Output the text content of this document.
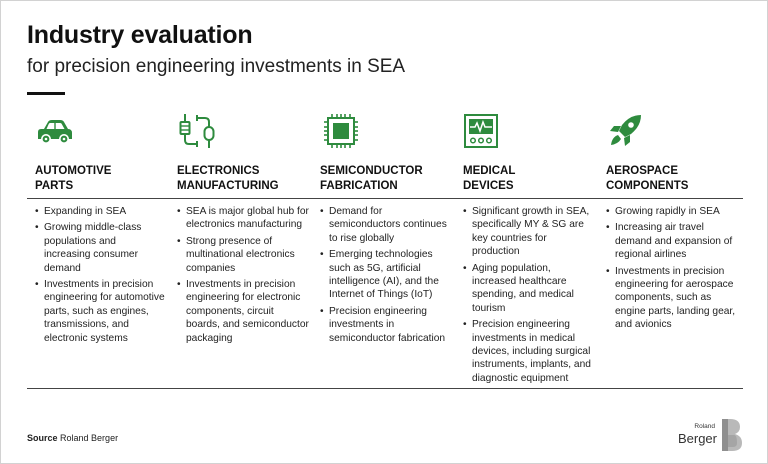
Industry evaluation
for precision engineering investments in SEA
AUTOMOTIVE
PARTS
• Expanding in SEA
• Growing middle-class populations and increasing consumer demand
• Investments in precision engineering for automotive parts, such as engines, transmissions, and electronic systems
ELECTRONICS
MANUFACTURING
• SEA is major global hub for electronics manufacturing
• Strong presence of multinational electronics companies
• Investments in precision engineering for electronic components, circuit boards, and semiconductor packaging
SEMICONDUCTOR
FABRICATION
• Demand for semiconductors continues to rise globally
• Emerging technologies such as 5G, artificial intelligence (AI), and the Internet of Things (IoT)
• Precision engineering investments in semiconductor fabrication
MEDICAL
DEVICES
• Significant growth in SEA, specifically MY & SG are key countries for production
• Aging population, increased healthcare spending, and medical tourism
• Precision engineering investments in medical devices, including surgical instruments, implants, and diagnostic equipment
AEROSPACE
COMPONENTS
• Growing rapidly in SEA
• Increasing air travel demand and expansion of regional airlines
• Investments in precision engineering for aerospace components, such as engine parts, landing gear, and avionics
Source Roland Berger
Roland
Berger
